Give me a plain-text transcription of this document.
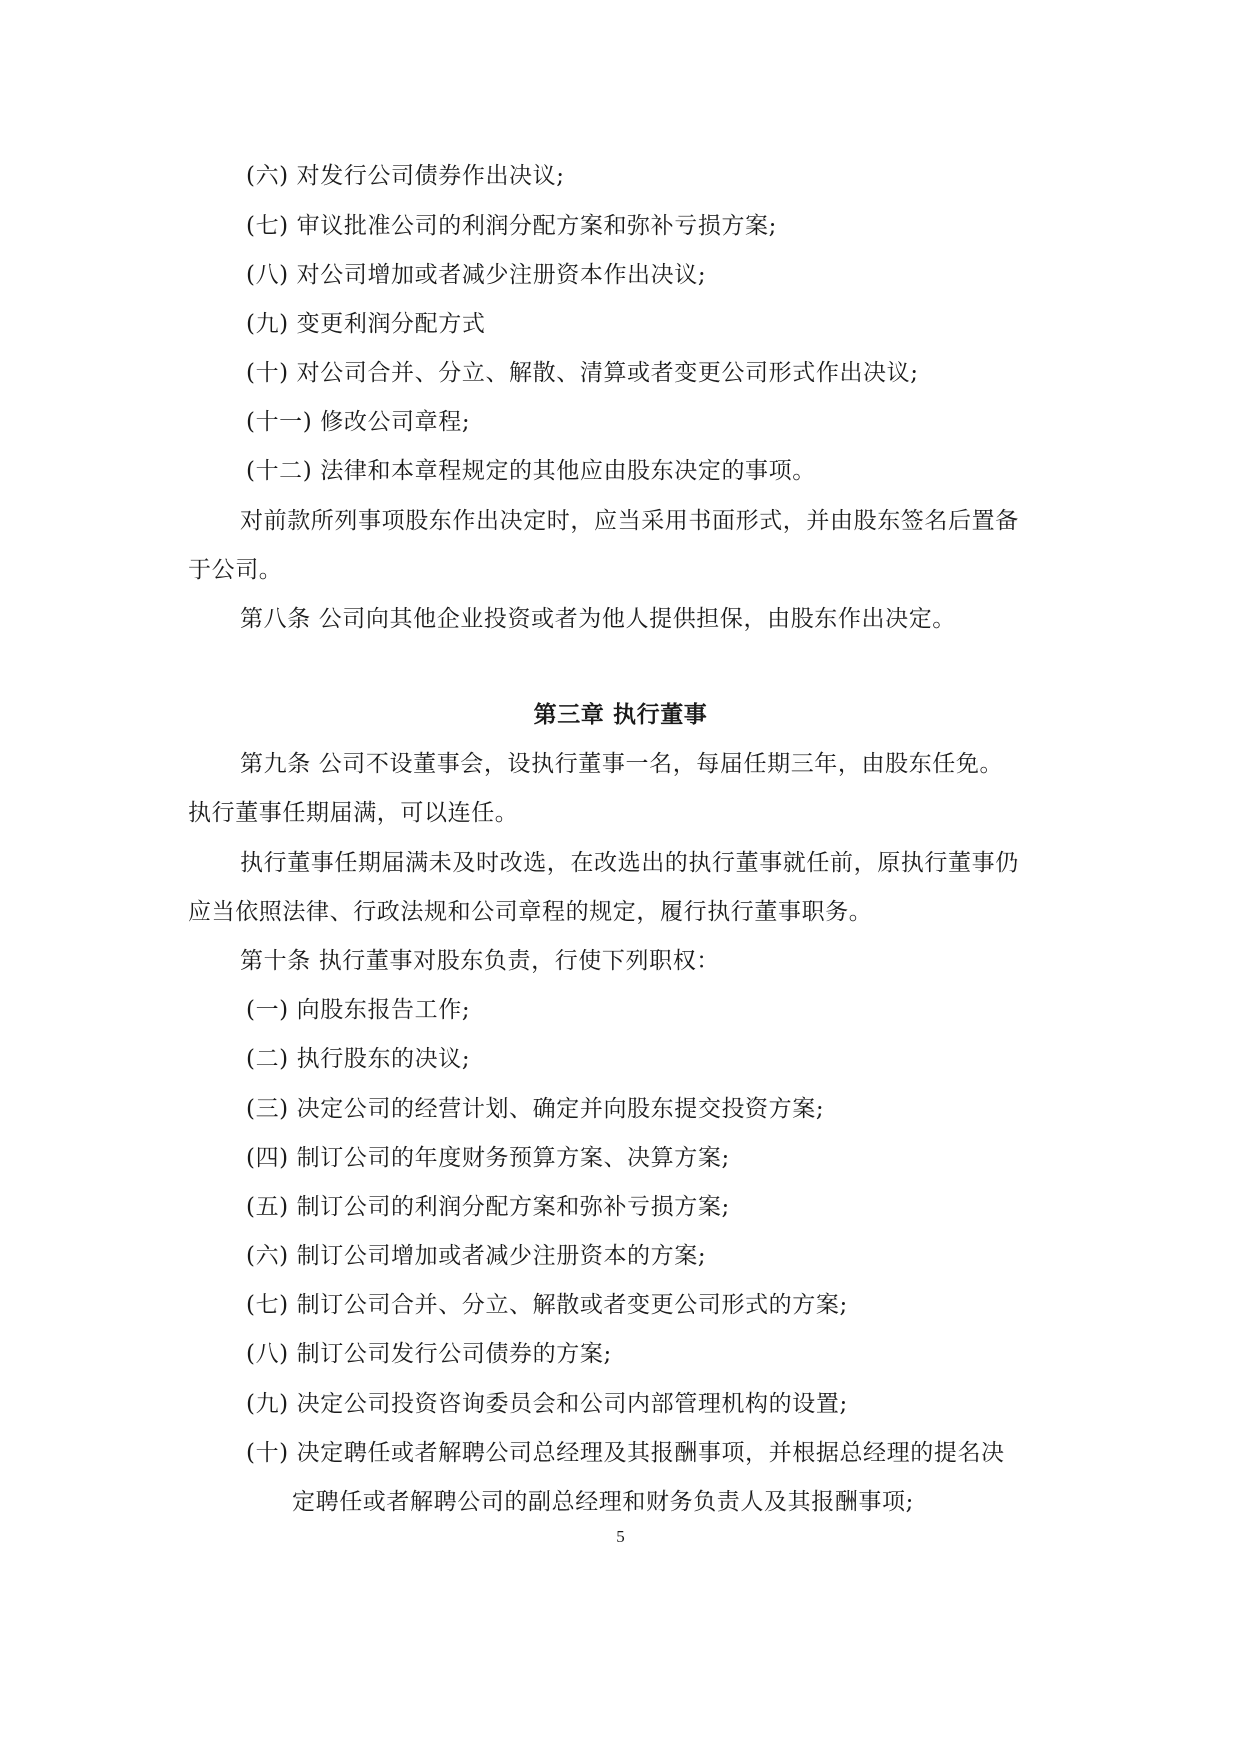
(六) 对发行公司债券作出决议;
(七) 审议批准公司的利润分配方案和弥补亏损方案;
(八) 对公司增加或者减少注册资本作出决议;
(九) 变更利润分配方式
(十) 对公司合并、分立、解散、清算或者变更公司形式作出决议;
(十一) 修改公司章程;
(十二) 法律和本章程规定的其他应由股东决定的事项。
对前款所列事项股东作出决定时，应当采用书面形式，并由股东签名后置备
于公司。
第八条 公司向其他企业投资或者为他人提供担保，由股东作出决定。
第三章 执行董事
第九条 公司不设董事会，设执行董事一名，每届任期三年，由股东任免。
执行董事任期届满，可以连任。
执行董事任期届满未及时改选，在改选出的执行董事就任前，原执行董事仍
应当依照法律、行政法规和公司章程的规定，履行执行董事职务。
第十条 执行董事对股东负责，行使下列职权：
(一) 向股东报告工作;
(二) 执行股东的决议;
(三) 决定公司的经营计划、确定并向股东提交投资方案;
(四) 制订公司的年度财务预算方案、决算方案;
(五) 制订公司的利润分配方案和弥补亏损方案;
(六) 制订公司增加或者减少注册资本的方案;
(七) 制订公司合并、分立、解散或者变更公司形式的方案;
(八) 制订公司发行公司债券的方案;
(九) 决定公司投资咨询委员会和公司内部管理机构的设置;
(十) 决定聘任或者解聘公司总经理及其报酬事项，并根据总经理的提名决
定聘任或者解聘公司的副总经理和财务负责人及其报酬事项;
5
